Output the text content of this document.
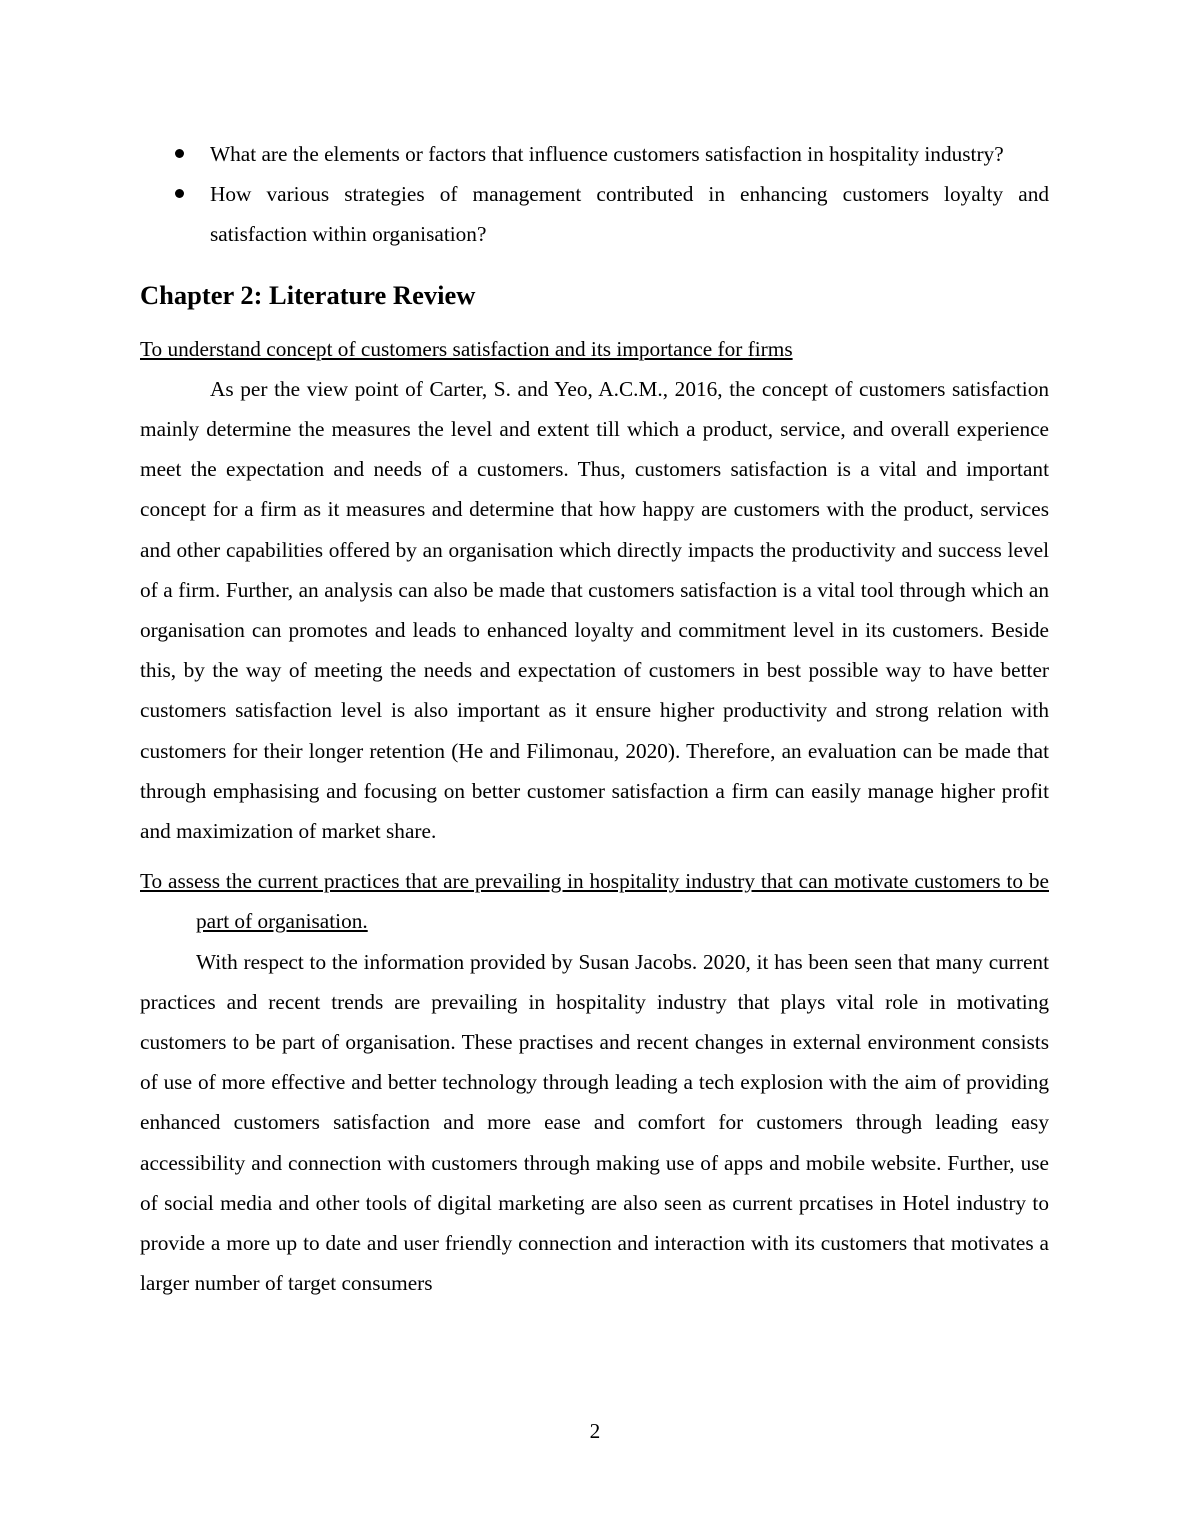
What are the elements or factors that influence customers satisfaction in hospitality industry?
How various strategies of management contributed in enhancing customers loyalty and satisfaction within organisation?
Chapter 2: Literature Review

To understand concept of customers satisfaction and its importance for firms

As per the view point of Carter, S. and Yeo, A.C.M., 2016, the concept of customers satisfaction mainly determine the measures the level and extent till which a product, service, and overall experience meet the expectation and needs of a customers. Thus, customers satisfaction is a vital and important concept for a firm as it measures and determine that how happy are customers with the product, services and other capabilities offered by an organisation which directly impacts the productivity and success level of a firm. Further, an analysis can also be made that customers satisfaction is a vital tool through which an organisation can promotes and leads to enhanced loyalty and commitment level in its customers. Beside this, by the way of meeting the needs and expectation of customers in best possible way to have better customers satisfaction level is also important as it ensure higher productivity and strong relation with customers for their longer retention (He and Filimonau, 2020). Therefore, an evaluation can be made that through emphasising and focusing on better customer satisfaction a firm can easily manage higher profit and maximization of market share.

To assess the current practices that are prevailing in hospitality industry that can motivate customers to be part of organisation.

With respect to the information provided by Susan Jacobs. 2020, it has been seen that many current practices and recent trends are prevailing in hospitality industry that plays vital role in motivating customers to be part of organisation. These practises and recent changes in external environment consists of use of more effective and better technology through leading a tech explosion with the aim of providing enhanced customers satisfaction and more ease and comfort for customers through leading easy accessibility and connection with customers through making use of apps and mobile website. Further, use of social media and other tools of digital marketing are also seen as current prcatises in Hotel industry to provide a more up to date and user friendly connection and interaction with its customers that motivates a larger number of target consumers

2
